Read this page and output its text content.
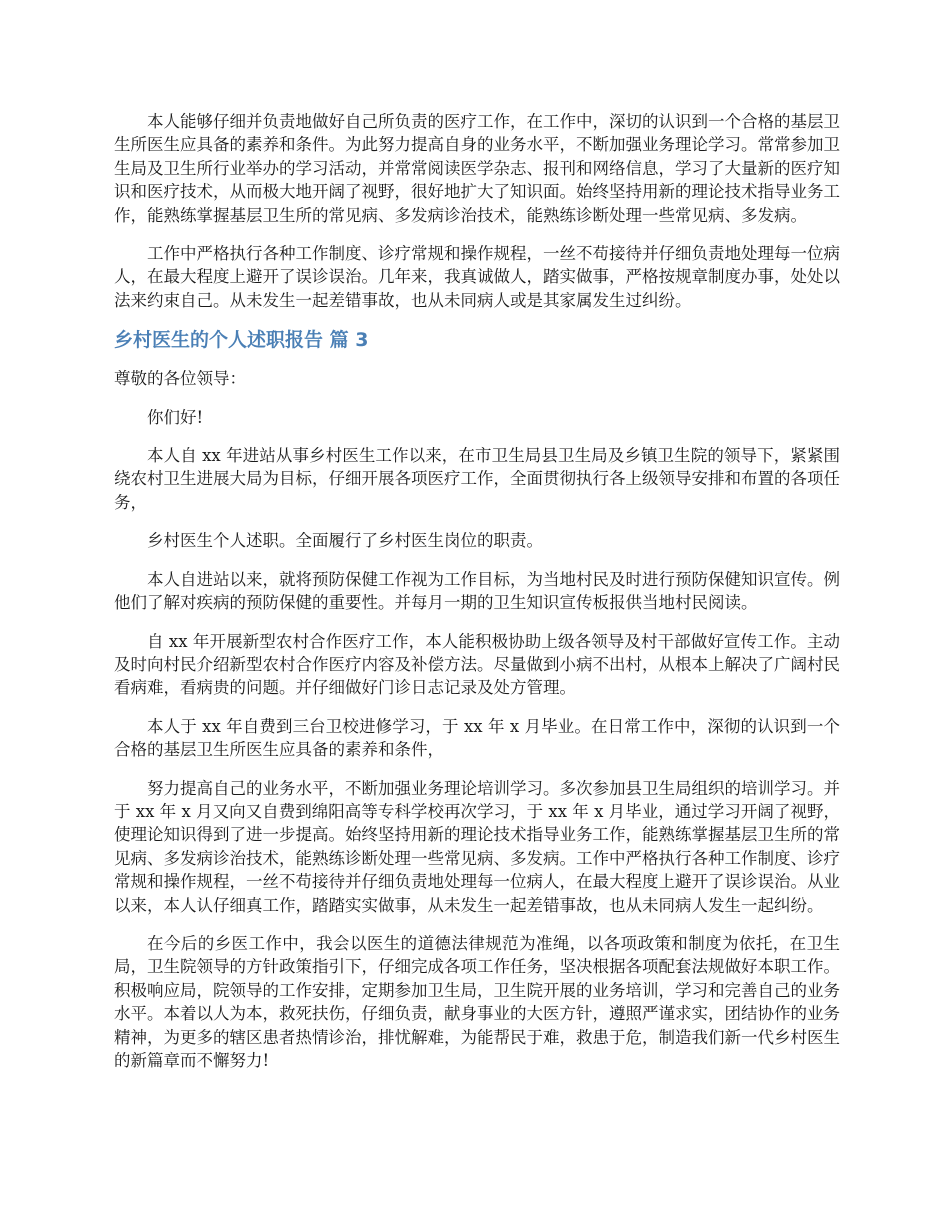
本人能够仔细并负责地做好自己所负责的医疗工作，在工作中，深切的认识到一个合格的基层卫生所医生应具备的素养和条件。为此努力提高自身的业务水平，不断加强业务理论学习。常常参加卫生局及卫生所行业举办的学习活动，并常常阅读医学杂志、报刊和网络信息，学习了大量新的医疗知识和医疗技术，从而极大地开阔了视野，很好地扩大了知识面。始终坚持用新的理论技术指导业务工作，能熟练掌握基层卫生所的常见病、多发病诊治技术，能熟练诊断处理一些常见病、多发病。

工作中严格执行各种工作制度、诊疗常规和操作规程，一丝不苟接待并仔细负责地处理每一位病人，在最大程度上避开了误诊误治。几年来，我真诚做人，踏实做事，严格按规章制度办事，处处以法来约束自己。从未发生一起差错事故，也从未同病人或是其家属发生过纠纷。

乡村医生的个人述职报告 篇 3

尊敬的各位领导：

你们好!

本人自 xx 年进站从事乡村医生工作以来，在市卫生局县卫生局及乡镇卫生院的领导下，紧紧围绕农村卫生进展大局为目标，仔细开展各项医疗工作，全面贯彻执行各上级领导安排和布置的各项任务，

乡村医生个人述职。全面履行了乡村医生岗位的职责。

本人自进站以来，就将预防保健工作视为工作目标，为当地村民及时进行预防保健知识宣传。例他们了解对疾病的预防保健的重要性。并每月一期的卫生知识宣传板报供当地村民阅读。

自 xx 年开展新型农村合作医疗工作，本人能积极协助上级各领导及村干部做好宣传工作。主动及时向村民介绍新型农村合作医疗内容及补偿方法。尽量做到小病不出村，从根本上解决了广阔村民看病难，看病贵的问题。并仔细做好门诊日志记录及处方管理。

本人于 xx 年自费到三台卫校进修学习，于 xx 年 x 月毕业。在日常工作中，深彻的认识到一个合格的基层卫生所医生应具备的素养和条件，

努力提高自己的业务水平，不断加强业务理论培训学习。多次参加县卫生局组织的培训学习。并于 xx 年 x 月又向又自费到绵阳高等专科学校再次学习，于 xx 年 x 月毕业，通过学习开阔了视野，使理论知识得到了进一步提高。始终坚持用新的理论技术指导业务工作，能熟练掌握基层卫生所的常见病、多发病诊治技术，能熟练诊断处理一些常见病、多发病。工作中严格执行各种工作制度、诊疗常规和操作规程，一丝不苟接待并仔细负责地处理每一位病人，在最大程度上避开了误诊误治。从业以来，本人认仔细真工作，踏踏实实做事，从未发生一起差错事故，也从未同病人发生一起纠纷。

在今后的乡医工作中，我会以医生的道德法律规范为准绳，以各项政策和制度为依托，在卫生局，卫生院领导的方针政策指引下，仔细完成各项工作任务，坚决根据各项配套法规做好本职工作。积极响应局，院领导的工作安排，定期参加卫生局，卫生院开展的业务培训，学习和完善自己的业务水平。本着以人为本，救死扶伤，仔细负责，献身事业的大医方针，遵照严谨求实，团结协作的业务精神，为更多的辖区患者热情诊治，排忧解难，为能帮民于难，救患于危，制造我们新一代乡村医生的新篇章而不懈努力!
